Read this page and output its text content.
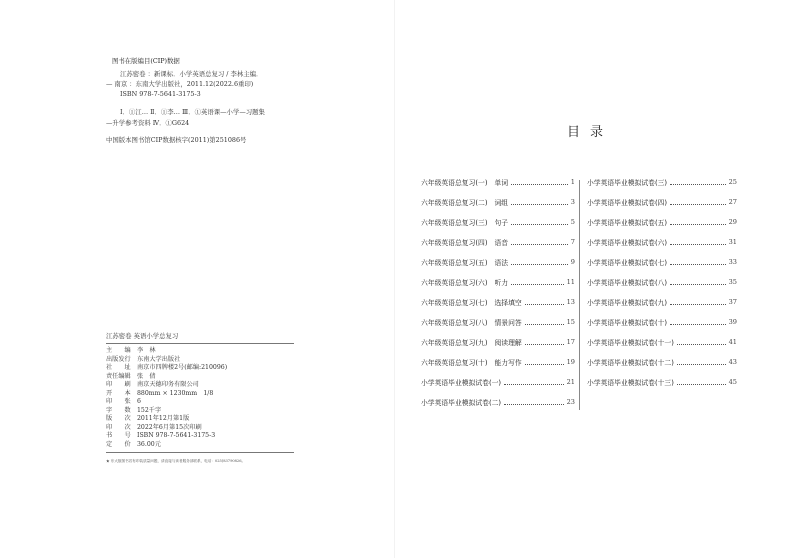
图书在版编目(CIP)数据
江苏密卷 ：新课标．小学英语总复习 / 李林主编．
— 南京 ：东南大学出版社，2011.12(2022.6重印)
ISBN 978-7-5641-3175-3
Ⅰ．①江… Ⅱ．①李… Ⅲ．①英语课—小学—习题集
—升学参考资料 Ⅳ．①G624
中国版本图书馆CIP数据核字(2011)第251086号
江苏密卷 英语小学总复习
主　　编	李　林
出版发行	东南大学出版社
社　　址	南京市四牌楼2号(邮编:210096)
责任编辑	张　倩
印　　刷	南京天德印务有限公司
开　　本	880mm × 1230mm　1/8
印　　张	6
字　　数	152千字
版　　次	2011年12月第1版
印　　次	2022年6月第15次印刷
书　　号	ISBN 978-7-5641-3175-3
定　　价	36.00元
★ 东大版图书若有印装质量问题，请直接与读者服务部联系，电话：025)83790826。
目录
六年级英语总复习(一) 单词	1
六年级英语总复习(二) 词组	3
六年级英语总复习(三) 句子	5
六年级英语总复习(四) 语音	7
六年级英语总复习(五) 语法	9
六年级英语总复习(六) 听力	11
六年级英语总复习(七) 选择填空	13
六年级英语总复习(八) 情景问答	15
六年级英语总复习(九) 阅读理解	17
六年级英语总复习(十) 能力写作	19
小学英语毕业模拟试卷(一)	21
小学英语毕业模拟试卷(二)	23
小学英语毕业模拟试卷(三)	25
小学英语毕业模拟试卷(四)	27
小学英语毕业模拟试卷(五)	29
小学英语毕业模拟试卷(六)	31
小学英语毕业模拟试卷(七)	33
小学英语毕业模拟试卷(八)	35
小学英语毕业模拟试卷(九)	37
小学英语毕业模拟试卷(十)	39
小学英语毕业模拟试卷(十一)	41
小学英语毕业模拟试卷(十二)	43
小学英语毕业模拟试卷(十三)	45
